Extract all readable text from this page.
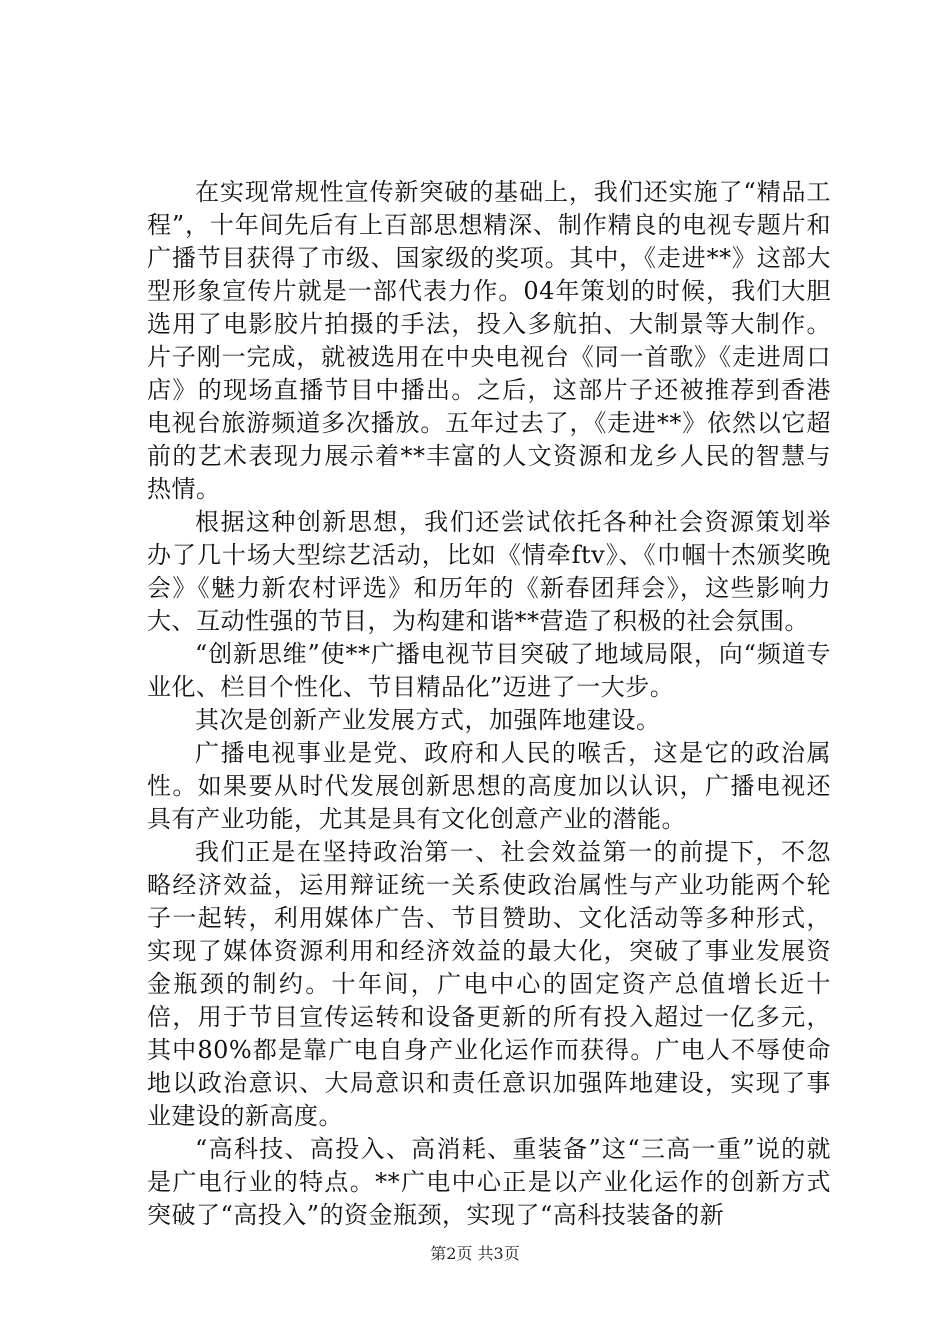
在实现常规性宣传新突破的基础上，我们还实施了“精品工程”，十年间先后有上百部思想精深、制作精良的电视专题片和广播节目获得了市级、国家级的奖项。其中，《走进**》这部大型形象宣传片就是一部代表力作。04年策划的时候，我们大胆选用了电影胶片拍摄的手法，投入多航拍、大制景等大制作。片子刚一完成，就被选用在中央电视台《同一首歌》《走进周口店》的现场直播节目中播出。之后，这部片子还被推荐到香港电视台旅游频道多次播放。五年过去了，《走进**》依然以它超前的艺术表现力展示着**丰富的人文资源和龙乡人民的智慧与热情。

根据这种创新思想，我们还尝试依托各种社会资源策划举办了几十场大型综艺活动，比如《情牵ftv》、《巾帼十杰颁奖晚会》《魅力新农村评选》和历年的《新春团拜会》，这些影响力大、互动性强的节目，为构建和谐**营造了积极的社会氛围。

“创新思维”使**广播电视节目突破了地域局限，向“频道专业化、栏目个性化、节目精品化”迈进了一大步。

其次是创新产业发展方式，加强阵地建设。

广播电视事业是党、政府和人民的喉舌，这是它的政治属性。如果要从时代发展创新思想的高度加以认识，广播电视还具有产业功能，尤其是具有文化创意产业的潜能。

我们正是在坚持政治第一、社会效益第一的前提下，不忽略经济效益，运用辩证统一关系使政治属性与产业功能两个轮子一起转，利用媒体广告、节目赞助、文化活动等多种形式，实现了媒体资源利用和经济效益的最大化，突破了事业发展资金瓶颈的制约。十年间，广电中心的固定资产总值增长近十倍，用于节目宣传运转和设备更新的所有投入超过一亿多元，其中80%都是靠广电自身产业化运作而获得。广电人不辱使命地以政治意识、大局意识和责任意识加强阵地建设，实现了事业建设的新高度。

“高科技、高投入、高消耗、重装备”这“三高一重”说的就是广电行业的特点。**广电中心正是以产业化运作的创新方式突破了“高投入”的资金瓶颈，实现了“高科技装备的新

第2页 共3页
